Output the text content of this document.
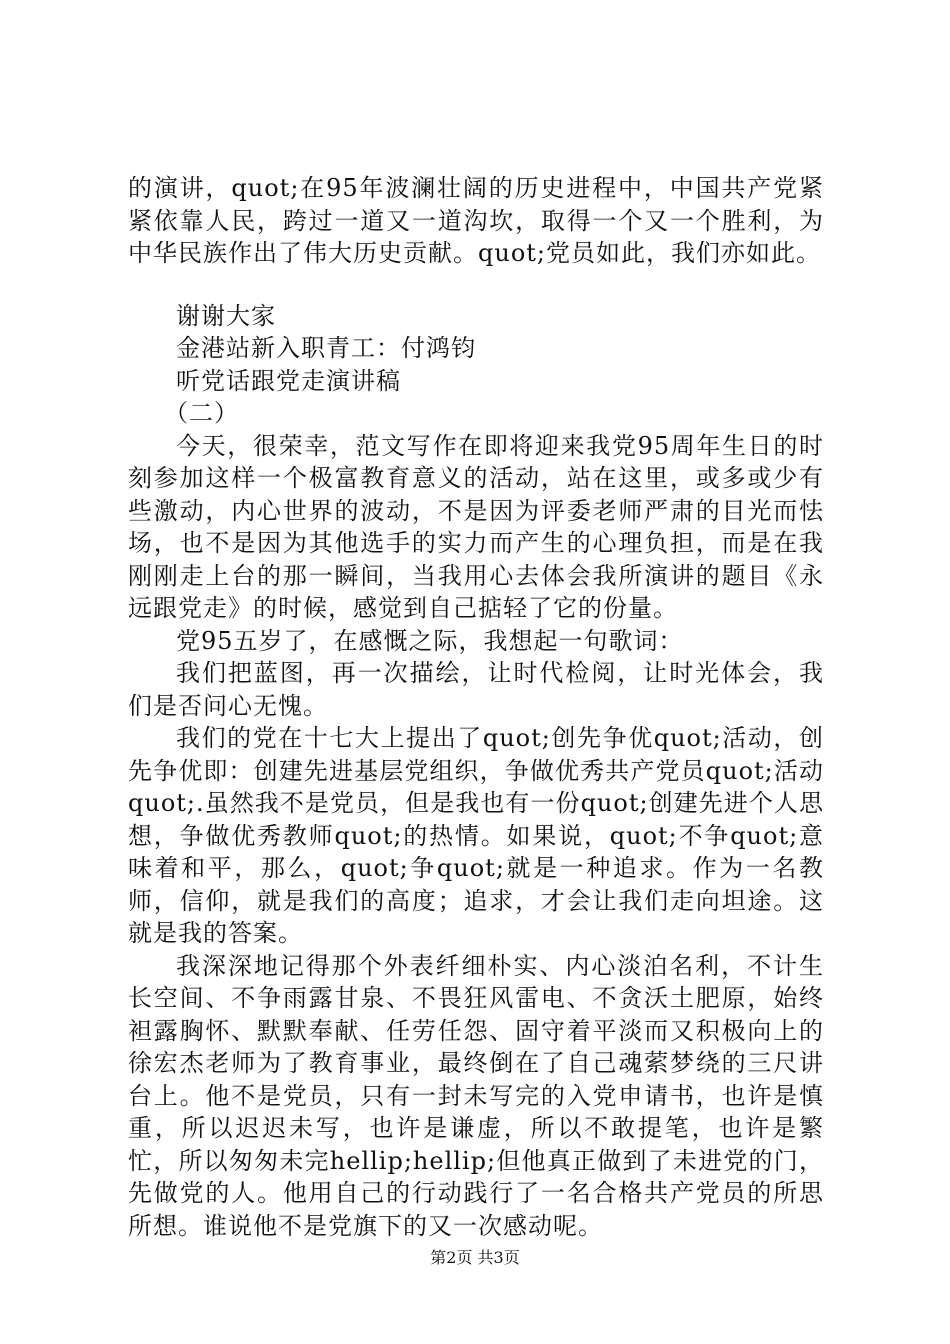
的演讲，quot;在95年波澜壮阔的历史进程中，中国共产党紧紧依靠人民，跨过一道又一道沟坎，取得一个又一个胜利，为中华民族作出了伟大历史贡献。quot;党员如此，我们亦如此。

谢谢大家

金港站新入职青工：付鸿钧

听党话跟党走演讲稿

（二）

今天，很荣幸，范文写作在即将迎来我党95周年生日的时刻参加这样一个极富教育意义的活动，站在这里，或多或少有些激动，内心世界的波动，不是因为评委老师严肃的目光而怯场，也不是因为其他选手的实力而产生的心理负担，而是在我刚刚走上台的那一瞬间，当我用心去体会我所演讲的题目《永远跟党走》的时候，感觉到自己掂轻了它的份量。

党95五岁了，在感慨之际，我想起一句歌词：

我们把蓝图，再一次描绘，让时代检阅，让时光体会，我们是否问心无愧。

我们的党在十七大上提出了quot;创先争优quot;活动，创先争优即：创建先进基层党组织，争做优秀共产党员quot;活动quot;.虽然我不是党员，但是我也有一份quot;创建先进个人思想，争做优秀教师quot;的热情。如果说，quot;不争quot;意味着和平，那么，quot;争quot;就是一种追求。作为一名教师，信仰，就是我们的高度；追求，才会让我们走向坦途。这就是我的答案。

我深深地记得那个外表纤细朴实、内心淡泊名利，不计生长空间、不争雨露甘泉、不畏狂风雷电、不贪沃土肥原，始终袒露胸怀、默默奉献、任劳任怨、固守着平淡而又积极向上的徐宏杰老师为了教育事业，最终倒在了自己魂萦梦绕的三尺讲台上。他不是党员，只有一封未写完的入党申请书，也许是慎重，所以迟迟未写，也许是谦虚，所以不敢提笔，也许是繁忙，所以匆匆未完hellip;hellip;但他真正做到了未进党的门，先做党的人。他用自己的行动践行了一名合格共产党员的所思所想。谁说他不是党旗下的又一次感动呢。

第2页 共3页
